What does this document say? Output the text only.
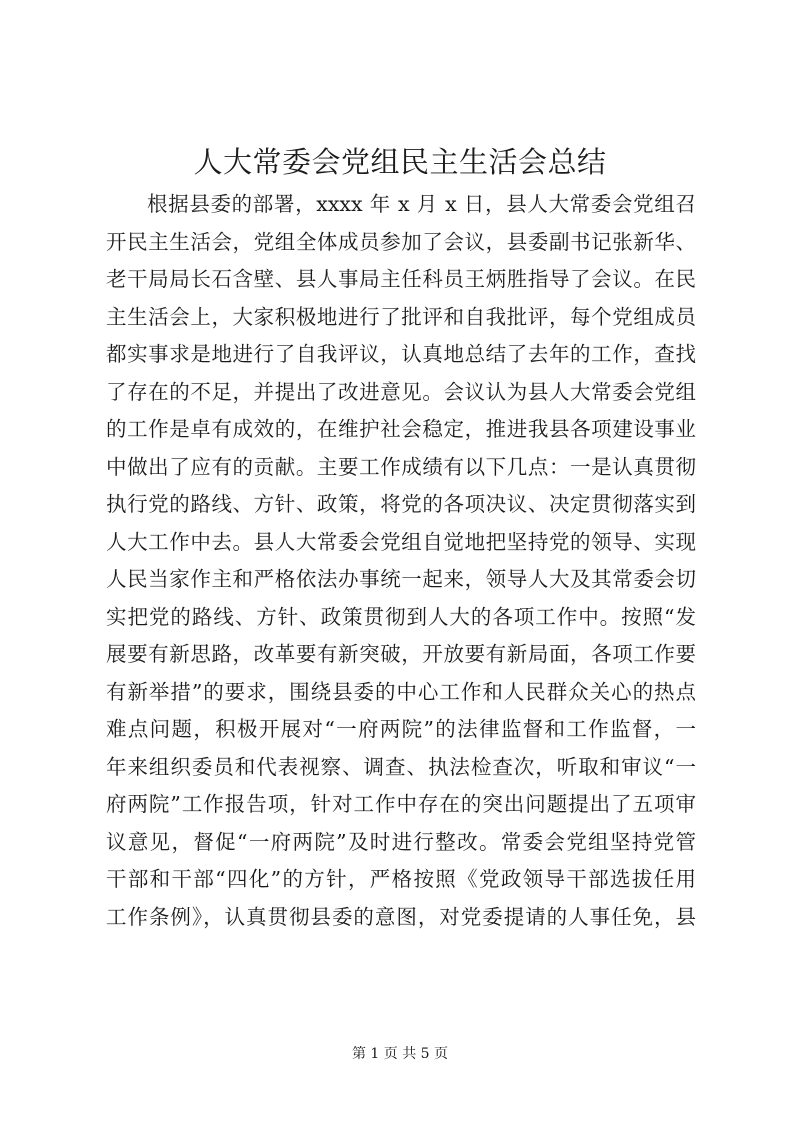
人大常委会党组民主生活会总结
根据县委的部署，xxxx 年 x 月 x 日，县人大常委会党组召
开民主生活会，党组全体成员参加了会议，县委副书记张新华、
老干局局长石含壁、县人事局主任科员王炳胜指导了会议。在民
主生活会上，大家积极地进行了批评和自我批评，每个党组成员
都实事求是地进行了自我评议，认真地总结了去年的工作，查找
了存在的不足，并提出了改进意见。会议认为县人大常委会党组
的工作是卓有成效的，在维护社会稳定，推进我县各项建设事业
中做出了应有的贡献。主要工作成绩有以下几点：一是认真贯彻
执行党的路线、方针、政策，将党的各项决议、决定贯彻落实到
人大工作中去。县人大常委会党组自觉地把坚持党的领导、实现
人民当家作主和严格依法办事统一起来，领导人大及其常委会切
实把党的路线、方针、政策贯彻到人大的各项工作中。按照“发
展要有新思路，改革要有新突破，开放要有新局面，各项工作要
有新举措”的要求，围绕县委的中心工作和人民群众关心的热点
难点问题，积极开展对“一府两院”的法律监督和工作监督，一
年来组织委员和代表视察、调查、执法检查次，听取和审议“一
府两院”工作报告项，针对工作中存在的突出问题提出了五项审
议意见，督促“一府两院”及时进行整改。常委会党组坚持党管
干部和干部“四化”的方针，严格按照《党政领导干部选拔任用
工作条例》，认真贯彻县委的意图，对党委提请的人事任免，县
第 1 页 共 5 页
